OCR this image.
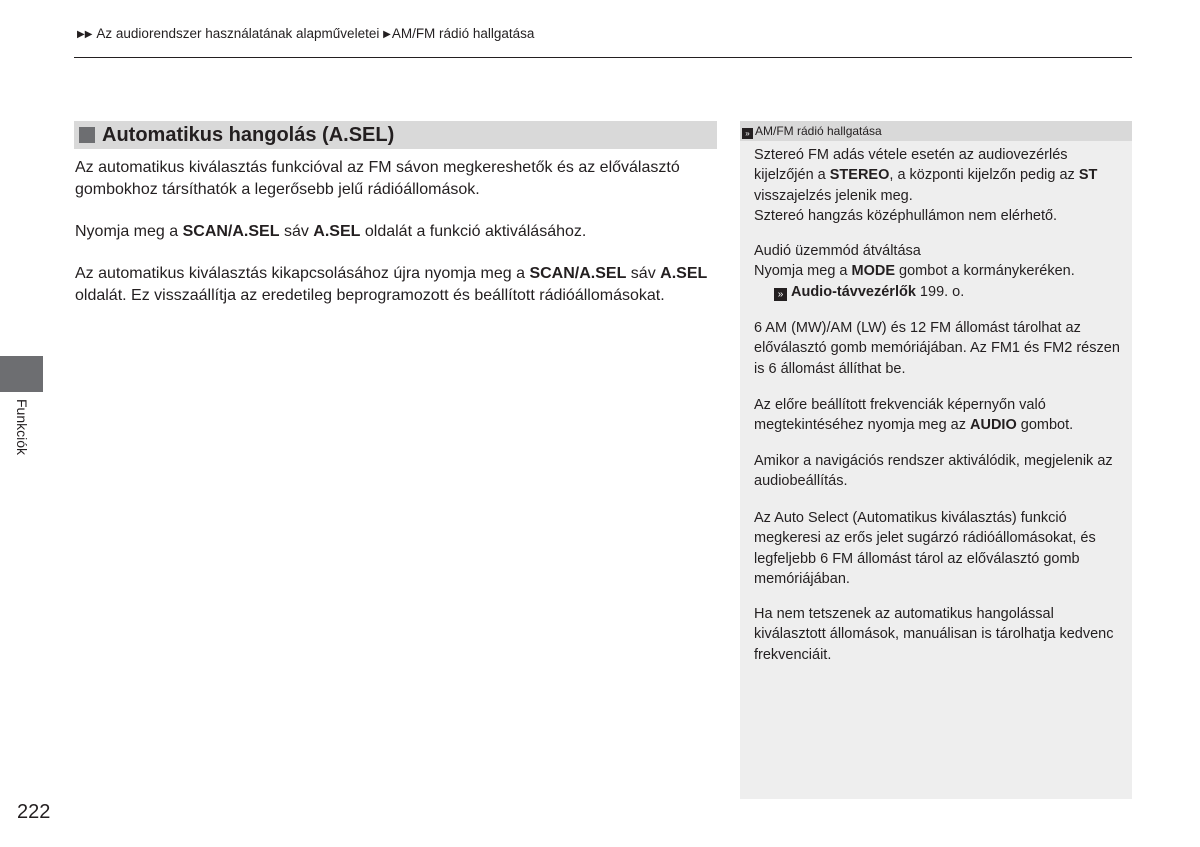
▶▶ Az audiorendszer használatának alapműveletei ▶AM/FM rádió hallgatása
Automatikus hangolás (A.SEL)

Az automatikus kiválasztás funkcióval az FM sávon megkereshetők és az előválasztó gombokhoz társíthatók a legerősebb jelű rádióállomások.

Nyomja meg a SCAN/A.SEL sáv A.SEL oldalát a funkció aktiválásához.

Az automatikus kiválasztás kikapcsolásához újra nyomja meg a SCAN/A.SEL sáv A.SEL oldalát. Ez visszaállítja az eredetileg beprogramozott és beállított rádióállomásokat.

Funkciók
» AM/FM rádió hallgatása

Sztereó FM adás vétele esetén az audiovezérlés kijelzőjén a STEREO, a központi kijelzőn pedig az ST visszajelzés jelenik meg.
Sztereó hangzás középhullámon nem elérhető.

Audió üzemmód átváltása
Nyomja meg a MODE gombot a kormánykeréken.
» Audio-távvezérlők 199. o.

6 AM (MW)/AM (LW) és 12 FM állomást tárolhat az előválasztó gomb memóriájában. Az FM1 és FM2 részen is 6 állomást állíthat be.

Az előre beállított frekvenciák képernyőn való megtekintéséhez nyomja meg az AUDIO gombot.

Amikor a navigációs rendszer aktiválódik, megjelenik az audiobeállítás.

Az Auto Select (Automatikus kiválasztás) funkció megkeresi az erős jelet sugárzó rádióállomásokat, és legfeljebb 6 FM állomást tárol az előválasztó gomb memóriájában.

Ha nem tetszenek az automatikus hangolással kiválasztott állomások, manuálisan is tárolhatja kedvenc frekvenciáit.

222
